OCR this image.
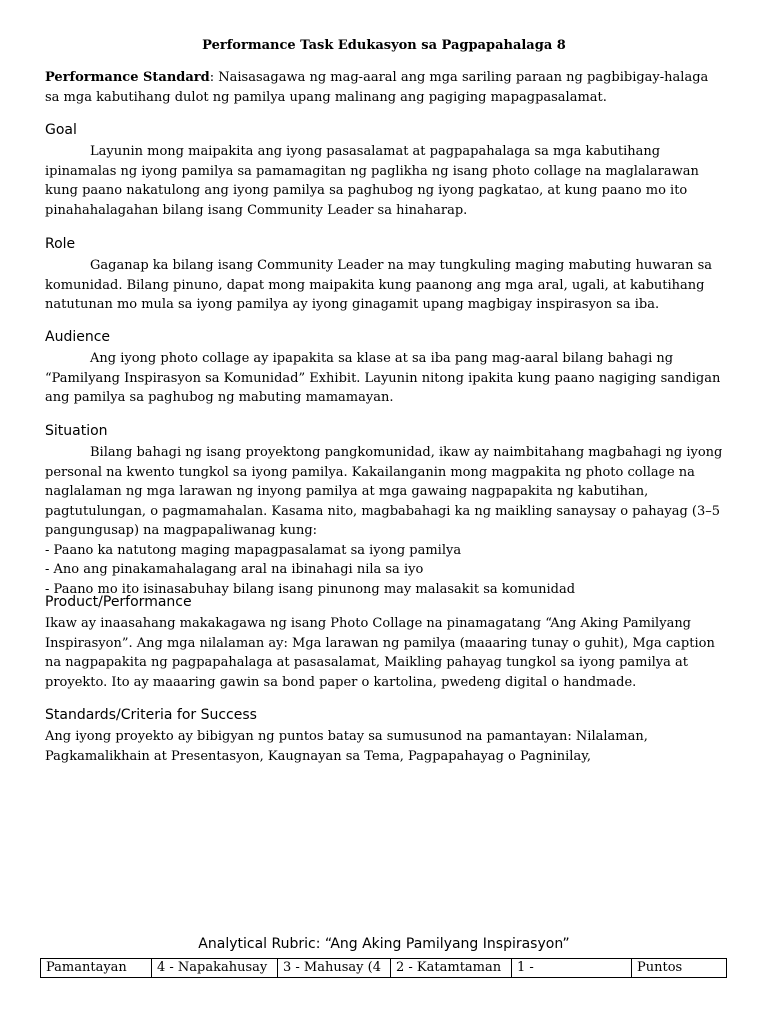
Performance Task Edukasyon sa Pagpapahalaga 8

Performance Standard: Naisasagawa ng mag-aaral ang mga sariling paraan ng pagbibigay-halaga sa mga kabutihang dulot ng pamilya upang malinang ang pagiging mapagpasalamat.

Goal

Layunin mong maipakita ang iyong pasasalamat at pagpapahalaga sa mga kabutihang ipinamalas ng iyong pamilya sa pamamagitan ng paglikha ng isang photo collage na maglalarawan kung paano nakatulong ang iyong pamilya sa paghubog ng iyong pagkatao, at kung paano mo ito pinahahalagahan bilang isang Community Leader sa hinaharap.

Role

Gaganap ka bilang isang Community Leader na may tungkuling maging mabuting huwaran sa komunidad. Bilang pinuno, dapat mong maipakita kung paanong ang mga aral, ugali, at kabutihang natutunan mo mula sa iyong pamilya ay iyong ginagamit upang magbigay inspirasyon sa iba.

Audience

Ang iyong photo collage ay ipapakita sa klase at sa iba pang mag-aaral bilang bahagi ng “Pamilyang Inspirasyon sa Komunidad” Exhibit. Layunin nitong ipakita kung paano nagiging sandigan ang pamilya sa paghubog ng mabuting mamamayan.

Situation

Bilang bahagi ng isang proyektong pangkomunidad, ikaw ay naimbitahang magbahagi ng iyong personal na kwento tungkol sa iyong pamilya. Kakailanganin mong magpakita ng photo collage na naglalaman ng mga larawan ng inyong pamilya at mga gawaing nagpapakita ng kabutihan, pagtutulungan, o pagmamahalan. Kasama nito, magbabahagi ka ng maikling sanaysay o pahayag (3–5 pangungusap) na magpapaliwanag kung:

- Paano ka natutong maging mapagpasalamat sa iyong pamilya
- Ano ang pinakamahalagang aral na ibinahagi nila sa iyo
- Paano mo ito isinasabuhay bilang isang pinunong may malasakit sa komunidad
Product/Performance

Ikaw ay inaasahang makakagawa ng isang Photo Collage na pinamagatang “Ang Aking Pamilyang Inspirasyon”. Ang mga nilalaman ay: Mga larawan ng pamilya (maaaring tunay o guhit), Mga caption na nagpapakita ng pagpapahalaga at pasasalamat, Maikling pahayag tungkol sa iyong pamilya at proyekto. Ito ay maaaring gawin sa bond paper o kartolina, pwedeng digital o handmade.

Standards/Criteria for Success

Ang iyong proyekto ay bibigyan ng puntos batay sa sumusunod na pamantayan: Nilalaman, Pagkamalikhain at Presentasyon, Kaugnayan sa Tema, Pagpapahayag o Pagninilay,

Analytical Rubric: “Ang Aking Pamilyang Inspirasyon”
Pamantayan	4 - Napakahusay	3 - Mahusay (4	2 - Katamtaman	1 -	Puntos
